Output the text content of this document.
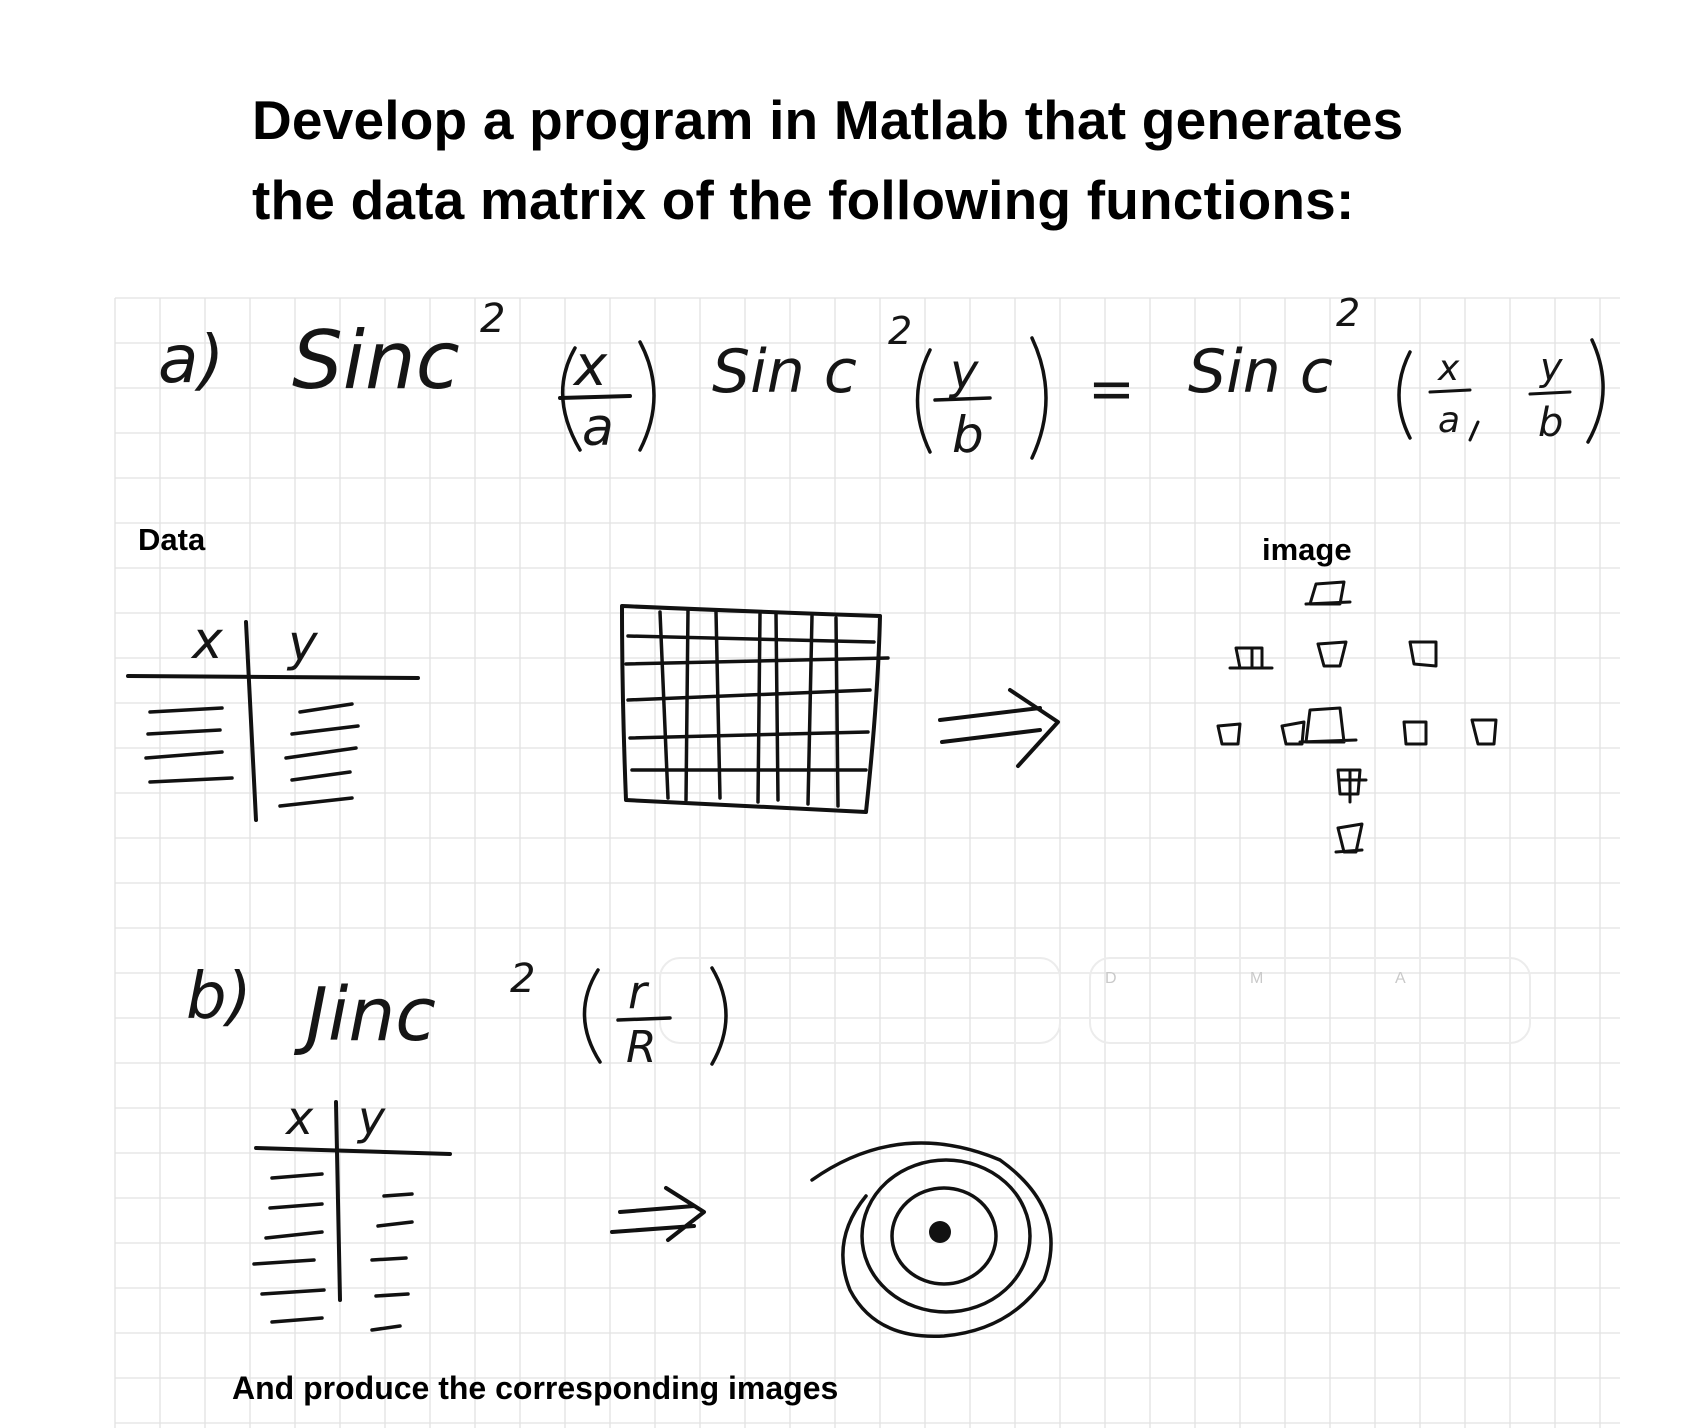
D	M	A
a) Sinc 2
x
a
Sin c
2
y
b
= Sin c
2
x
a
y
b
x y
b) Jinc 2 r
R
x y
Develop a program in Matlab that generates
the data matrix of the following functions:
Data	image
And produce the corresponding images
